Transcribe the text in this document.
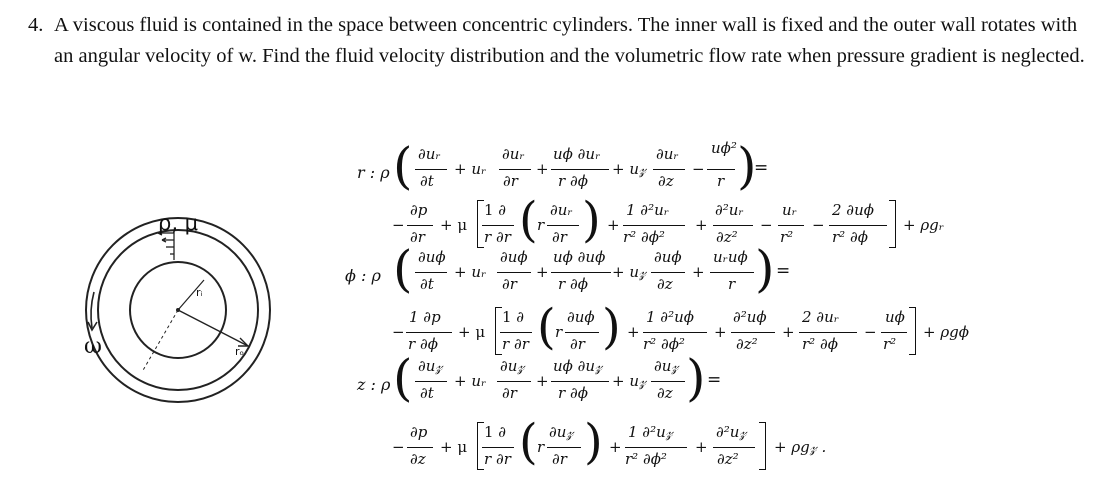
4. A viscous fluid is contained in the space between concentric cylinders. The inner wall is fixed and the outer wall rotates with an angular velocity of w. Find the fluid velocity distribution and the volumetric flow rate when pressure gradient is neglected.
ρ, μ
ω
rᵢ
rₒ
r : ρ ( ∂uᵣ
∂t
+ uᵣ
∂uᵣ
∂r
+
uϕ ∂uᵣ
r ∂ϕ
+ u𝓏
∂uᵣ
∂z
−
uϕ²
r )
=
−
∂p
∂r
+ μ
1 ∂
r ∂r ( r
∂uᵣ
∂r ) +
1 ∂²uᵣ
r² ∂ϕ²
+
∂²uᵣ
∂z²
−
uᵣ
r²
−
2 ∂uϕ
r² ∂ϕ
+ ρgᵣ
ϕ : ρ ( ∂uϕ
∂t
+ uᵣ
∂uϕ
∂r
+
uϕ ∂uϕ
r ∂ϕ
+ u𝓏
∂uϕ
∂z
+
uᵣuϕ
r ) =
−
1 ∂p
r ∂ϕ
+ μ
1 ∂
r ∂r ( r
∂uϕ
∂r ) +
1 ∂²uϕ
r² ∂ϕ²
+
∂²uϕ
∂z²
+
2 ∂uᵣ
r² ∂ϕ
−
uϕ
r²
+ ρgϕ
z : ρ ( ∂u𝓏
∂t
+ uᵣ
∂u𝓏
∂r
+
uϕ ∂u𝓏
r ∂ϕ
+ u𝓏
∂u𝓏
∂z ) =
−
∂p
∂z
+ μ
1 ∂
r ∂r ( r
∂u𝓏
∂r ) +
1 ∂²u𝓏
r² ∂ϕ²
+
∂²u𝓏
∂z²
+ ρg𝓏 .
